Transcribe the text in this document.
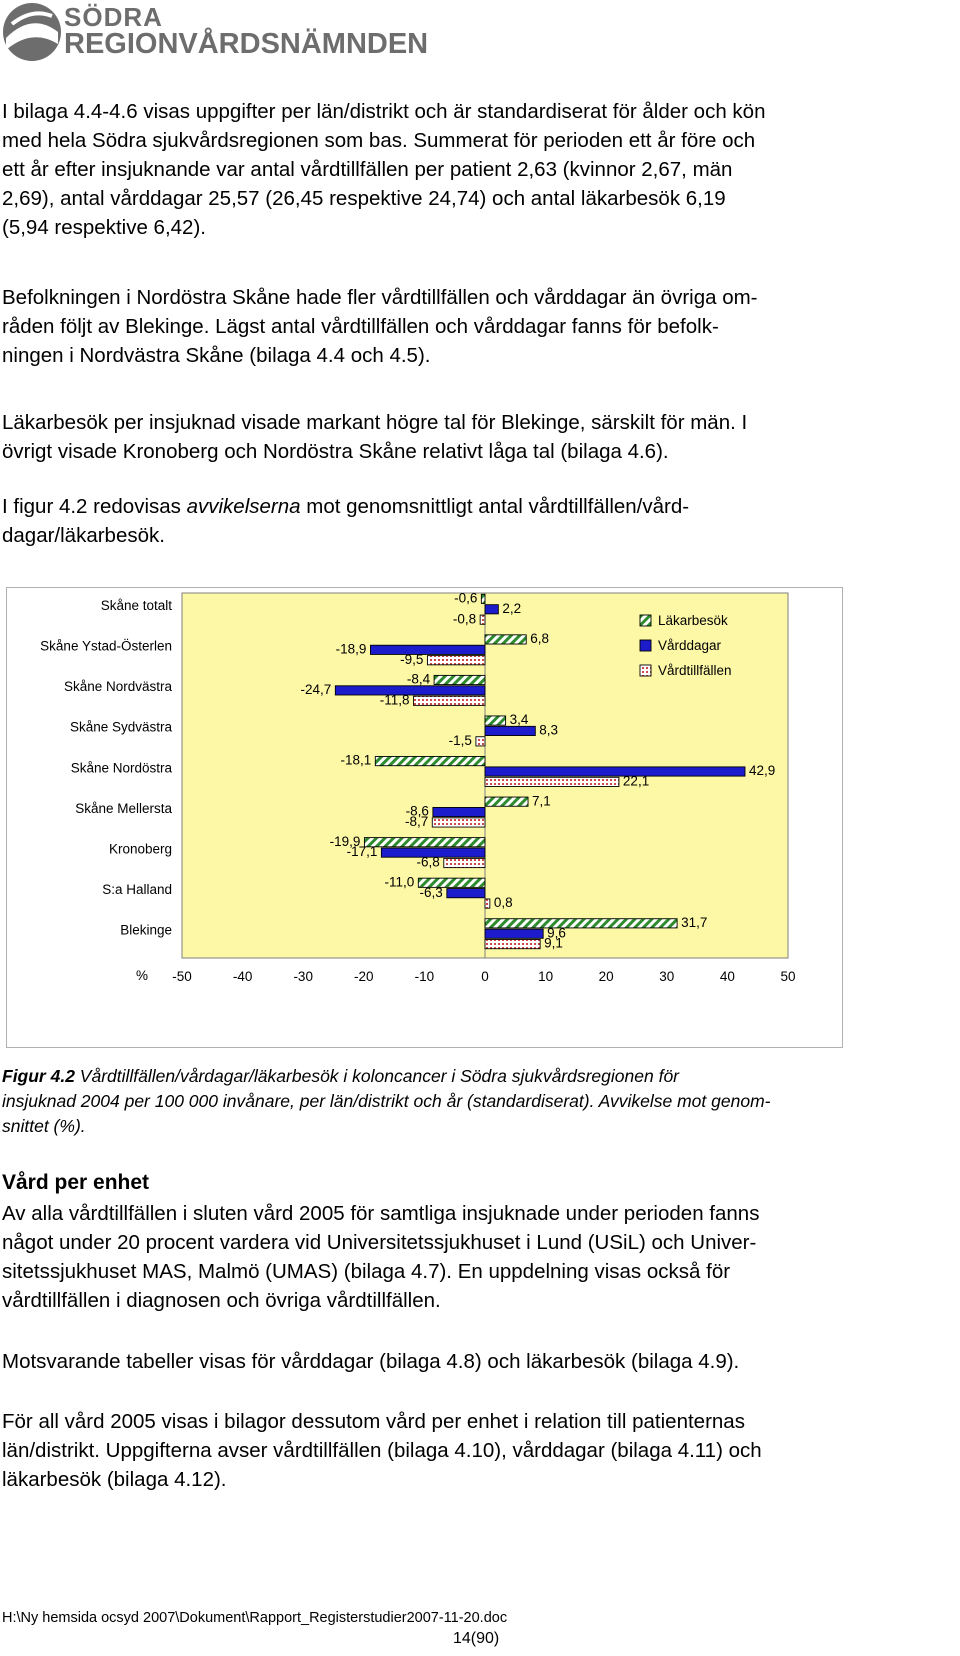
SÖDRA
REGIONVÅRDSNÄMNDEN

I bilaga 4.4-4.6 visas uppgifter per län/distrikt och är standardiserat för ålder och kön
med hela Södra sjukvårdsregionen som bas. Summerat för perioden ett år före och
ett år efter insjuknande var antal vårdtillfällen per patient 2,63 (kvinnor 2,67, män
2,69), antal vårddagar 25,57 (26,45 respektive 24,74) och antal läkarbesök 6,19
(5,94 respektive 6,42).

Befolkningen i Nordöstra Skåne hade fler vårdtillfällen och vårddagar än övriga om-
råden följt av Blekinge. Lägst antal vårdtillfällen och vårddagar fanns för befolk-
ningen i Nordvästra Skåne (bilaga 4.4 och 4.5).

Läkarbesök per insjuknad visade markant högre tal för Blekinge, särskilt för män. I
övrigt visade Kronoberg och Nordöstra Skåne relativt låga tal (bilaga 4.6).

I figur 4.2 redovisas avvikelserna mot genomsnittligt antal vårdtillfällen/vård-
dagar/läkarbesök.

Skåne totalt
Skåne Ystad-Österlen
Skåne Nordvästra
Skåne Sydvästra
Skåne Nordöstra
Skåne Mellersta
Kronoberg
S:a Halland
Blekinge
-0,6
6,8
-8,4
3,4
-18,1
7,1
-19,9
-11,0
31,7
2,2
-18,9
-24,7
8,3
42,9
-8,6
-17,1
-6,3
9,6
-0,8
-9,5
-11,8
-1,5
22,1
-8,7
-6,8
0,8
9,1
% -50	-40	-30	-20	-10	0	10	20	30	40	50
Läkarbesök
Vårddagar
Vårdtillfällen
Figur 4.2 Vårdtillfällen/vårdagar/läkarbesök i koloncancer i Södra sjukvårdsregionen för
insjuknad 2004 per 100 000 invånare, per län/distrikt och år (standardiserat). Avvikelse mot genom-
snittet (%).
Vård per enhet

Av alla vårdtillfällen i sluten vård 2005 för samtliga insjuknade under perioden fanns
något under 20 procent vardera vid Universitetssjukhuset i Lund (USiL) och Univer-
sitetssjukhuset MAS, Malmö (UMAS) (bilaga 4.7). En uppdelning visas också för
vårdtillfällen i diagnosen och övriga vårdtillfällen.

Motsvarande tabeller visas för vårddagar (bilaga 4.8) och läkarbesök (bilaga 4.9).

För all vård 2005 visas i bilagor dessutom vård per enhet i relation till patienternas
län/distrikt. Uppgifterna avser vårdtillfällen (bilaga 4.10), vårddagar (bilaga 4.11) och
läkarbesök (bilaga 4.12).

H:\Ny hemsida ocsyd 2007\Dokument\Rapport_Registerstudier2007-11-20.doc
14(90)
